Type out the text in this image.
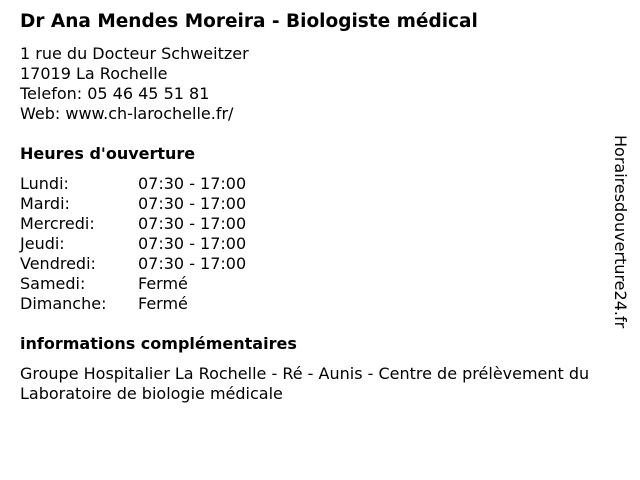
Dr Ana Mendes Moreira - Biologiste médical
1 rue du Docteur Schweitzer
17019 La Rochelle
Telefon: 05 46 45 51 81
Web: www.ch-larochelle.fr/
Heures d'ouverture
Lundi:	07:30 - 17:00
Mardi:	07:30 - 17:00
Mercredi:	07:30 - 17:00
Jeudi:	07:30 - 17:00
Vendredi:	07:30 - 17:00
Samedi:	Fermé
Dimanche:	Fermé
informations complémentaires
Groupe Hospitalier La Rochelle - Ré - Aunis - Centre de prélèvement du Laboratoire de biologie médicale
Horairesdouverture24.fr
